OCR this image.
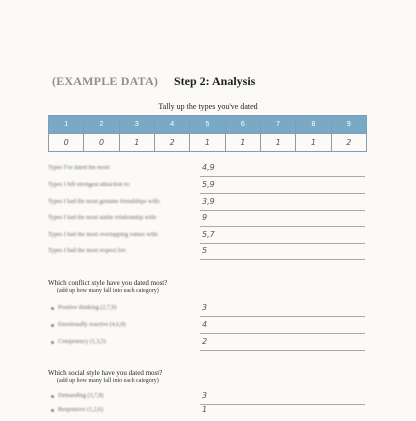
(EXAMPLE DATA) Step 2: Analysis
Tally up the types you've dated
1	2	3	4	5	6	7	8	9
0	0	1	2	1	1	1	1	2
Types I've dated the most:	4,9
Types I felt strongest attraction to:	5,9
Types I had the most genuine friendships with:	3,9
Types I had the most stable relationship with:	9
Types I had the most overlapping values with:	5,7
Types I had the most respect for:	5
Which conflict style have you dated most?
(add up how many fall into each category)
Positive thinking (2,7,9)	3
Emotionally reactive (4,6,8)	4
Competency (1,3,5)	2
Which social style have you dated most?
(add up how many fall into each category)
Demanding (3,7,8)	3
Responsive (1,2,6)	1
